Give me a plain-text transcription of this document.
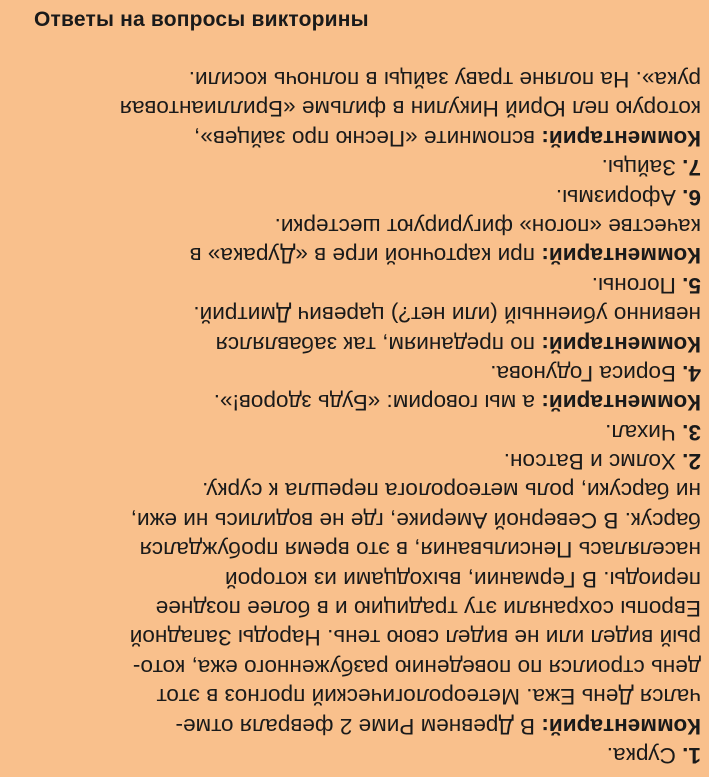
Ответы на вопросы викторины
1. Сурка.
Комментарий: В Древнем Риме 2 февраля отме-
чался День Ежа. Метеорологический прогноз в этот
день строился по поведению разбуженного ежа, кото-
рый видел или не видел свою тень. Народы Западной
Европы сохраняли эту традицию и в более позднее
периоды. В Германии, выходцами из которой
населялась Пенсильвания, в это время пробуждался
барсук. В Северной Америке, где не водились ни ежи,
ни барсуки, роль метеоролога перешла к сурку.
2. Холмс и Ватсон.
3. Чихал.
Комментарий: а мы говорим: «Будь здоров!».
4. Бориса Годунова.
Комментарий: по преданиям, так забавлялся
невинно убиенный (или нет?) царевич Дмитрий.
5. Погоны.
Комментарий: при карточной игре в «Дурака» в
качестве «погон» фигурируют шестерки.
6. Афоризмы.
7. Зайцы.
Комментарий: вспомните «Песню про зайцев»,
которую пел Юрий Никулин в фильме «Бриллиантовая
рука». На поляне траву зайцы в полночь косили.
